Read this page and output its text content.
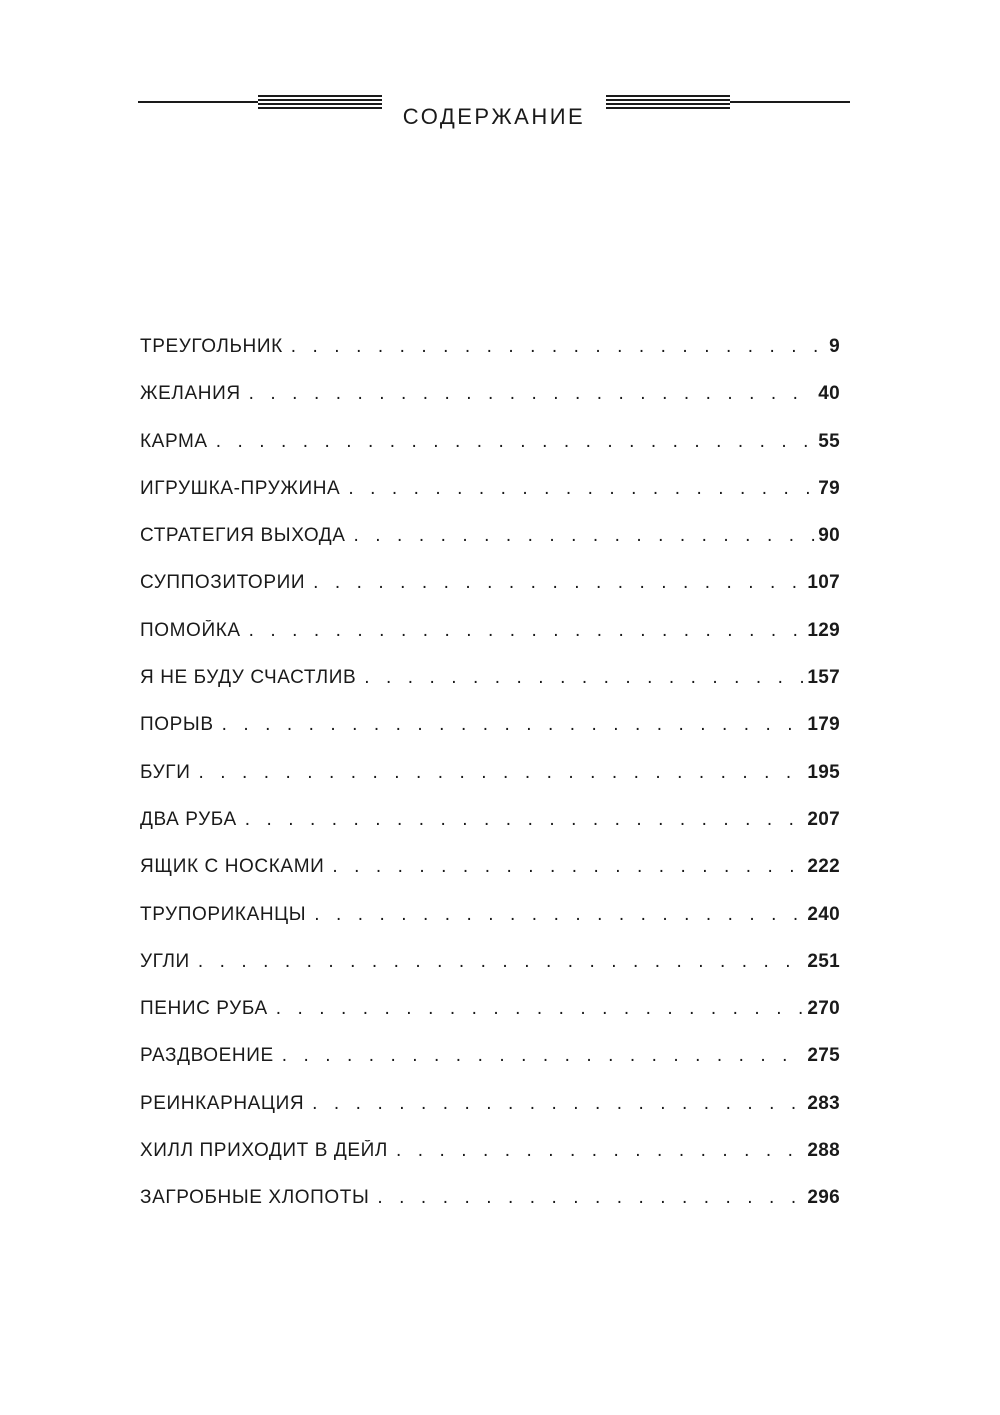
СОДЕРЖАНИЕ
ТРЕУГОЛЬНИК . . .	9
ЖЕЛАНИЯ . . .	40
КАРМА . . .	55
ИГРУШКА-ПРУЖИНА . . .	79
СТРАТЕГИЯ ВЫХОДА . . .	90
СУППОЗИТОРИИ . . .	107
ПОМОЙКА . . .	129
Я НЕ БУДУ СЧАСТЛИВ . . .	157
ПОРЫВ . . .	179
БУГИ . . .	195
ДВА РУБА . . .	207
ЯЩИК С НОСКАМИ . . .	222
ТРУПОРИКАНЦЫ . . .	240
УГЛИ . . .	251
ПЕНИС РУБА . . .	270
РАЗДВОЕНИЕ . . .	275
РЕИНКАРНАЦИЯ . . .	283
ХИЛЛ ПРИХОДИТ В ДЕЙЛ . . .	288
ЗАГРОБНЫЕ ХЛОПОТЫ . . .	296
